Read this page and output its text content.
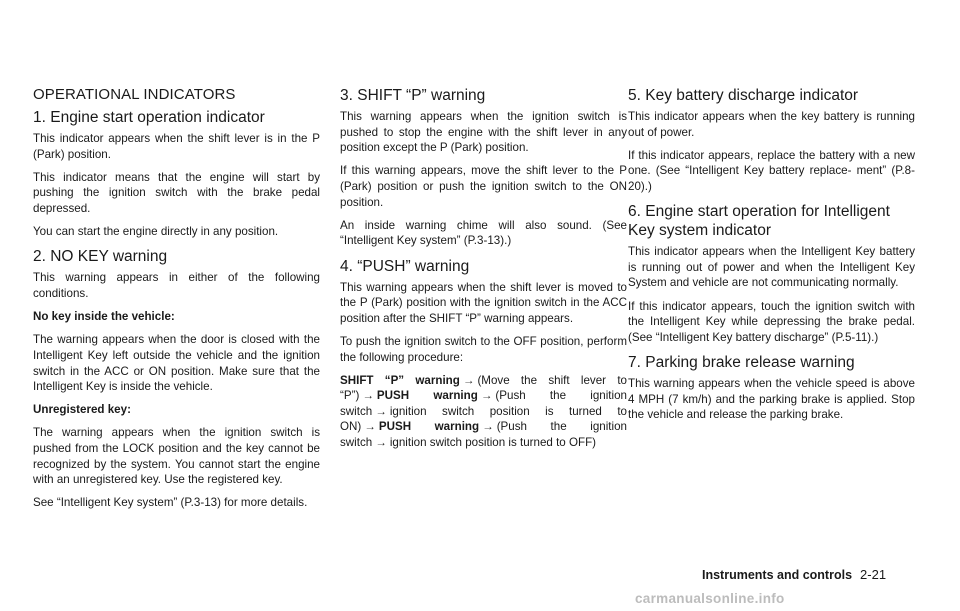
OPERATIONAL INDICATORS
1. Engine start operation indicator

This indicator appears when the shift lever is in the P (Park) position.

This indicator means that the engine will start by pushing the ignition switch with the brake pedal depressed.

You can start the engine directly in any position.

2. NO KEY warning

This warning appears in either of the following conditions.

No key inside the vehicle:

The warning appears when the door is closed with the Intelligent Key left outside the vehicle and the ignition switch in the ACC or ON position. Make sure that the Intelligent Key is inside the vehicle.

Unregistered key:

The warning appears when the ignition switch is pushed from the LOCK position and the key cannot be recognized by the system. You cannot start the engine with an unregistered key. Use the registered key.

See “Intelligent Key system” (P.3-13) for more details.

3. SHIFT “P” warning

This warning appears when the ignition switch is pushed to stop the engine with the shift lever in any position except the P (Park) position.

If this warning appears, move the shift lever to the P (Park) position or push the ignition switch to the ON position.

An inside warning chime will also sound. (See “Intelligent Key system” (P.3-13).)

4. “PUSH” warning

This warning appears when the shift lever is moved to the P (Park) position with the ignition switch in the ACC position after the SHIFT “P” warning appears.

To push the ignition switch to the OFF position, perform the following procedure:

SHIFT “P” warning → (Move the shift lever to “P”) → PUSH warning → (Push the ignition switch → ignition switch position is turned to ON) → PUSH warning → (Push the ignition switch → ignition switch position is turned to OFF)

5. Key battery discharge indicator

This indicator appears when the key battery is running out of power.

If this indicator appears, replace the battery with a new one. (See “Intelligent Key battery replace- ment” (P.8-20).)

6. Engine start operation for Intelligent Key system indicator

This indicator appears when the Intelligent Key battery is running out of power and when the Intelligent Key System and vehicle are not communicating normally.

If this indicator appears, touch the ignition switch with the Intelligent Key while depressing the brake pedal. (See “Intelligent Key battery discharge” (P.5-11).)

7. Parking brake release warning

This warning appears when the vehicle speed is above 4 MPH (7 km/h) and the parking brake is applied. Stop the vehicle and release the parking brake.

Instruments and controls 2-21
carmanualsonline.info
